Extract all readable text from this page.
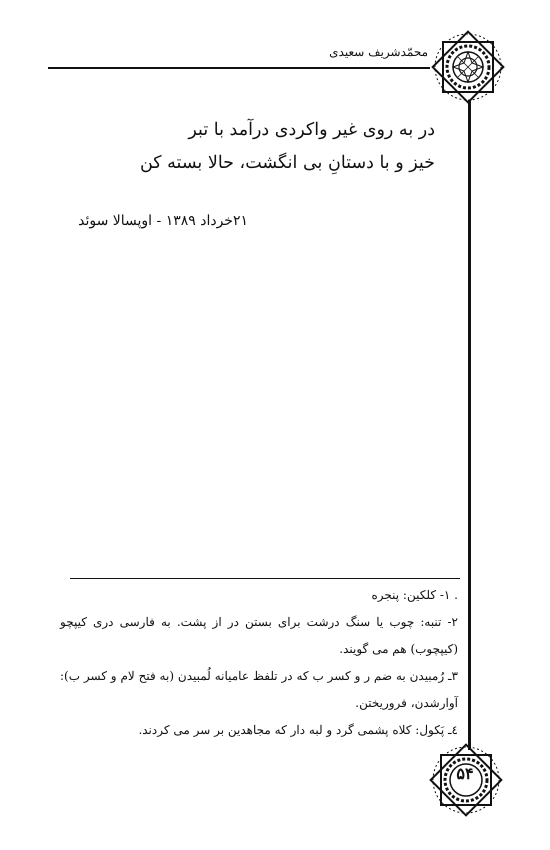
محمّدشریف سعیدی
در به روی غیر واکردی درآمد با تبر
خیز و با دستانِ بی انگشت، حالا بسته کن
۲۱خرداد ۱۳۸۹ - اوپسالا سوئد

. ۱- کلکین: پنجره

۲- تنبه: چوب یا سنگ درشت برای بستن در از پشت. به فارسی دری کیپچو (کیپچوب) هم می گویند.

۳ـ رُمبیدن به ضم ر و کسر ب که در تلفظ عامیانه لُمبیدن (به فتح لام و کسر ب): آوارشدن، فروریختن.

٤ـ پَکول: کلاه پشمی گرد و لبه دار که مجاهدین بر سر می کردند.

۵۴
